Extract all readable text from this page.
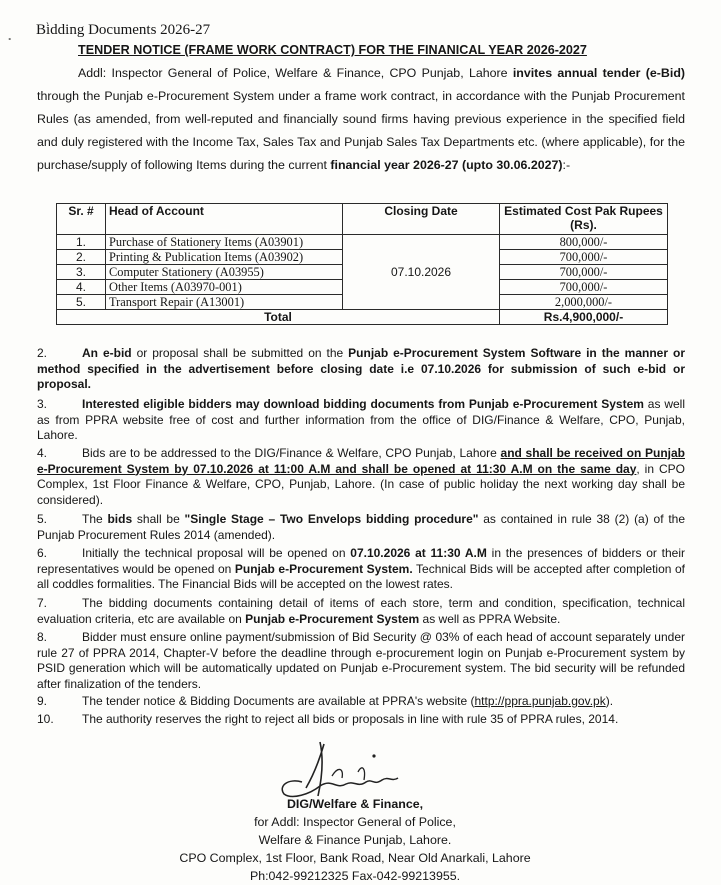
ˎ
˳ Bidding Documents 2026-27
TENDER NOTICE (FRAME WORK CONTRACT) FOR THE FINANICAL YEAR 2026-2027
Addl: Inspector General of Police, Welfare & Finance, CPO Punjab, Lahore invites annual tender (e-Bid) through the Punjab e-Procurement System under a frame work contract, in accordance with the Punjab Procurement Rules (as amended, from well-reputed and financially sound firms having previous experience in the specified field and duly registered with the Income Tax, Sales Tax and Punjab Sales Tax Departments etc. (where applicable), for the purchase/supply of following Items during the current financial year 2026-27 (upto 30.06.2027):-
Sr. #	Head of Account	Closing Date	Estimated Cost Pak Rupees (Rs).
1.	Purchase of Stationery Items (A03901)	07.10.2026	800,000/-
2.	Printing & Publication Items (A03902)		700,000/-
3.	Computer Stationery (A03955)		700,000/-
4.	Other Items (A03970-001)		700,000/-
5.	Transport Repair (A13001)		2,000,000/-
Total			Rs.4,900,000/-
2.	An e-bid or proposal shall be submitted on the Punjab e-Procurement System Software in the manner or method specified in the advertisement before closing date i.e 07.10.2026 for submission of such e-bid or proposal.
3.	Interested eligible bidders may download bidding documents from Punjab e-Procurement System as well as from PPRA website free of cost and further information from the office of DIG/Finance & Welfare, CPO, Punjab, Lahore.
4.	Bids are to be addressed to the DIG/Finance & Welfare, CPO Punjab, Lahore and shall be received on Punjab e-Procurement System by 07.10.2026 at 11:00 A.M and shall be opened at 11:30 A.M on the same day, in CPO Complex, 1st Floor Finance & Welfare, CPO, Punjab, Lahore. (In case of public holiday the next working day shall be considered).
5.	The bids shall be "Single Stage – Two Envelops bidding procedure" as contained in rule 38 (2) (a) of the Punjab Procurement Rules 2014 (amended).
6.	Initially the technical proposal will be opened on 07.10.2026 at 11:30 A.M in the presences of bidders or their representatives would be opened on Punjab e-Procurement System. Technical Bids will be accepted after completion of all coddles formalities. The Financial Bids will be accepted on the lowest rates.
7.	The bidding documents containing detail of items of each store, term and condition, specification, technical evaluation criteria, etc are available on Punjab e-Procurement System as well as PPRA Website.
8.	Bidder must ensure online payment/submission of Bid Security @ 03% of each head of account separately under rule 27 of PPRA 2014, Chapter-V before the deadline through e-procurement login on Punjab e-Procurement system by PSID generation which will be automatically updated on Punjab e-Procurement system. The bid security will be refunded after finalization of the tenders.
9.	The tender notice & Bidding Documents are available at PPRA's website (http://ppra.punjab.gov.pk).
10. The authority reserves the right to reject all bids or proposals in line with rule 35 of PPRA rules, 2014.
DIG/Welfare & Finance,
for Addl: Inspector General of Police,
Welfare & Finance Punjab, Lahore.
CPO Complex, 1st Floor, Bank Road, Near Old Anarkali, Lahore
Ph:042-99212325 Fax-042-99213955.
